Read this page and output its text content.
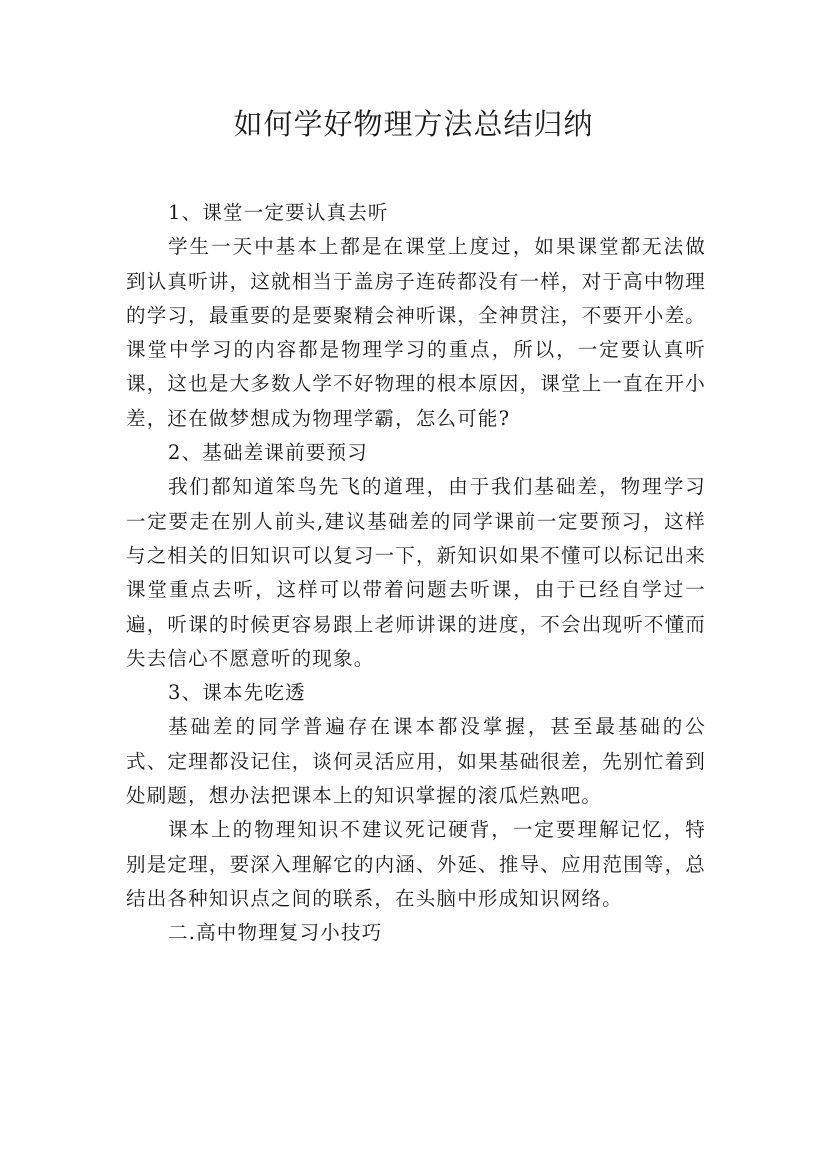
如何学好物理方法总结归纳

1、课堂一定要认真去听

学生一天中基本上都是在课堂上度过，如果课堂都无法做到认真听讲，这就相当于盖房子连砖都没有一样，对于高中物理的学习，最重要的是要聚精会神听课，全神贯注，不要开小差。课堂中学习的内容都是物理学习的重点，所以，一定要认真听课，这也是大多数人学不好物理的根本原因，课堂上一直在开小差，还在做梦想成为物理学霸，怎么可能?

2、基础差课前要预习

我们都知道笨鸟先飞的道理，由于我们基础差，物理学习一定要走在别人前头,建议基础差的同学课前一定要预习，这样与之相关的旧知识可以复习一下，新知识如果不懂可以标记出来课堂重点去听，这样可以带着问题去听课，由于已经自学过一遍，听课的时候更容易跟上老师讲课的进度，不会出现听不懂而失去信心不愿意听的现象。

3、课本先吃透

基础差的同学普遍存在课本都没掌握，甚至最基础的公式、定理都没记住，谈何灵活应用，如果基础很差，先别忙着到处刷题，想办法把课本上的知识掌握的滚瓜烂熟吧。

课本上的物理知识不建议死记硬背，一定要理解记忆，特别是定理，要深入理解它的内涵、外延、推导、应用范围等，总结出各种知识点之间的联系，在头脑中形成知识网络。

二.高中物理复习小技巧
